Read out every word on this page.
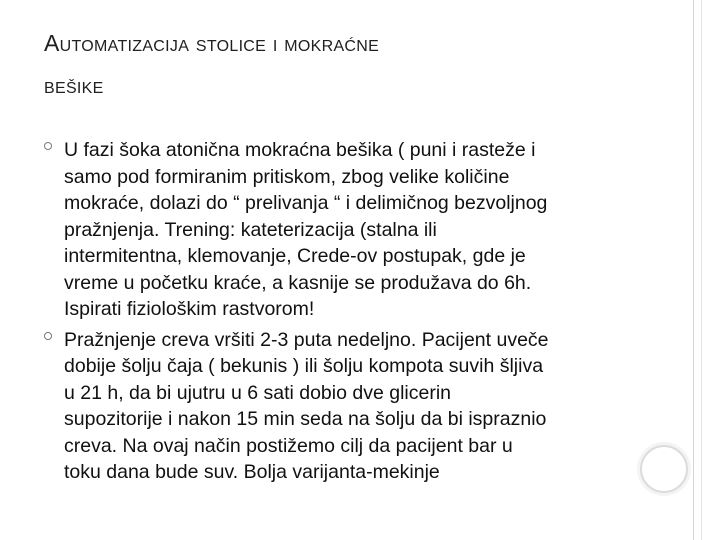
Automatizacija stolice i mokraćne
bešike
U fazi šoka atonična mokraćna bešika ( puni i rasteže i
samo pod formiranim pritiskom, zbog velike količine
mokraće, dolazi do “ prelivanja “ i delimičnog bezvoljnog
pražnjenja. Trening: kateterizacija (stalna ili
intermitentna, klemovanje, Crede-ov postupak, gde je
vreme u početku kraće, a kasnije se produžava do 6h.
Ispirati fiziološkim rastvorom!
Pražnjenje creva vršiti 2-3 puta nedeljno. Pacijent uveče
dobije šolju čaja ( bekunis ) ili šolju kompota suvih šljiva
u 21 h, da bi ujutru u 6 sati dobio dve glicerin
supozitorije i nakon 15 min seda na šolju da bi ispraznio
creva. Na ovaj način postižemo cilj da pacijent bar u
toku dana bude suv. Bolja varijanta-mekinje
